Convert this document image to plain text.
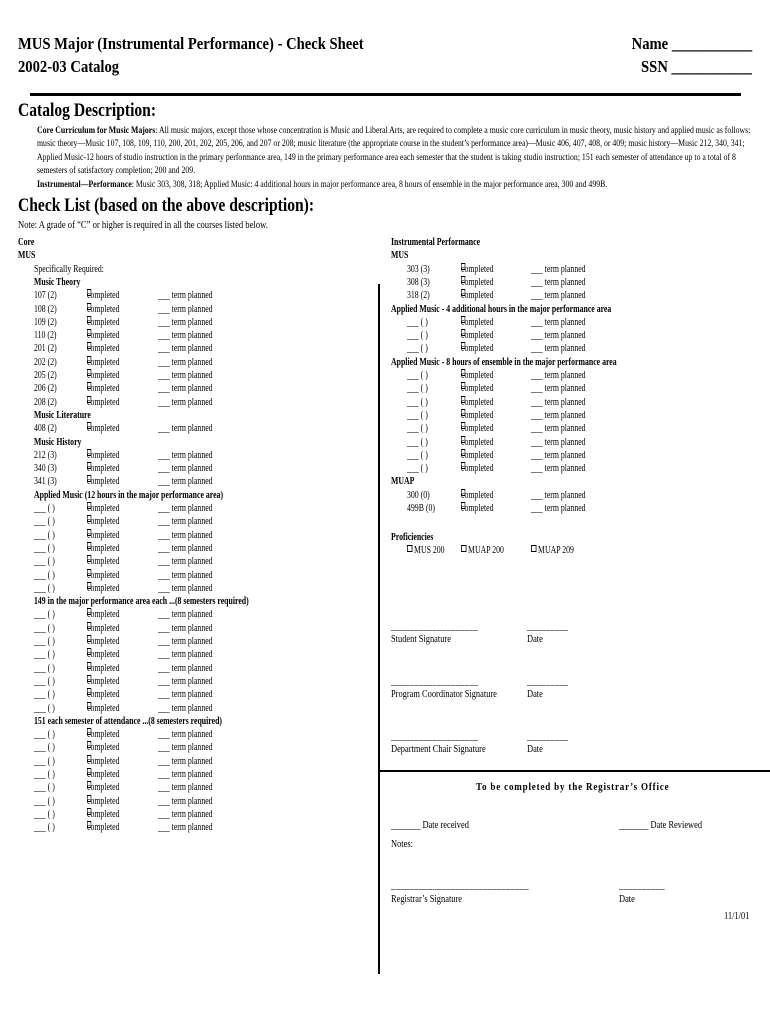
MUS Major (Instrumental Performance) - Check Sheet
2002-03 Catalog
Name ___________
SSN ___________
Catalog Description:
Core Curriculum for Music Majors: All music majors, except those whose concentration is Music and Liberal Arts, are required to complete a music core curriculum in music theory, music history and applied music as follows: music theory—Music 107, 108, 109, 110, 200, 201, 202, 205, 206, and 207 or 208; music literature (the appropriate course in the student’s performance area)—Music 406, 407, 408, or 409; music history—Music 212, 340, 341; Applied Music-12 hours of studio instruction in the primary performance area, 149 in the primary performance area each semester that the student is taking studio instruction; 151 each semester of attendance up to a total of 8 semesters of satisfactory completion; 200 and 209.
Instrumental—Performance: Music 303, 308, 318; Applied Music: 4 additional hours in major performance area, 8 hours of ensemble in the major performance area, 300 and 499B.
Check List (based on the above description):
Note: A grade of “C” or higher is required in all the courses listed below.
Core
MUS
Specifically Required:
Music Theory
107 (2)	completed	___ term planned
108 (2)	completed	___ term planned
109 (2)	completed	___ term planned
110 (2)	completed	___ term planned
201 (2)	completed	___ term planned
202 (2)	completed	___ term planned
205 (2)	completed	___ term planned
206 (2)	completed	___ term planned
208 (2)	completed	___ term planned
Music Literature
408 (2)	completed	___ term planned
Music History
212 (3)	completed	___ term planned
340 (3)	completed	___ term planned
341 (3)	completed	___ term planned
Applied Music (12 hours in the major performance area)
___ ( )	completed	___ term planned
___ ( )	completed	___ term planned
___ ( )	completed	___ term planned
___ ( )	completed	___ term planned
___ ( )	completed	___ term planned
___ ( )	completed	___ term planned
___ ( )	completed	___ term planned
149 in the major performance area each ...(8 semesters required)
___ ( )	completed	___ term planned
___ ( )	completed	___ term planned
___ ( )	completed	___ term planned
___ ( )	completed	___ term planned
___ ( )	completed	___ term planned
___ ( )	completed	___ term planned
___ ( )	completed	___ term planned
___ ( )	completed	___ term planned
151 each semester of attendance ...(8 semesters required)
___ ( )	completed	___ term planned
___ ( )	completed	___ term planned
___ ( )	completed	___ term planned
___ ( )	completed	___ term planned
___ ( )	completed	___ term planned
___ ( )	completed	___ term planned
___ ( )	completed	___ term planned
___ ( )	completed	___ term planned
Instrumental Performance
MUS
303 (3)	completed	___ term planned
308 (3)	completed	___ term planned
318 (2)	completed	___ term planned
Applied Music - 4 additional hours in the major performance area
___ ( )	completed	___ term planned
___ ( )	completed	___ term planned
___ ( )	completed	___ term planned
Applied Music - 8 hours of ensemble in the major performance area
___ ( )	completed	___ term planned
___ ( )	completed	___ term planned
___ ( )	completed	___ term planned
___ ( )	completed	___ term planned
___ ( )	completed	___ term planned
___ ( )	completed	___ term planned
___ ( )	completed	___ term planned
___ ( )	completed	___ term planned
MUAP
300 (0)	completed	___ term planned
499B (0)	completed	___ term planned
Proficiencies
MUS 200	MUAP 200	MUAP 209
___________________	_________
Student Signature	Date
___________________	_________
Program Coordinator Signature	Date
___________________	_________
Department Chair Signature	Date
To be completed by the Registrar’s Office
_______ Date received	_______ Date Reviewed
Notes:
______________________________	__________
Registrar’s Signature	Date
11/1/01
